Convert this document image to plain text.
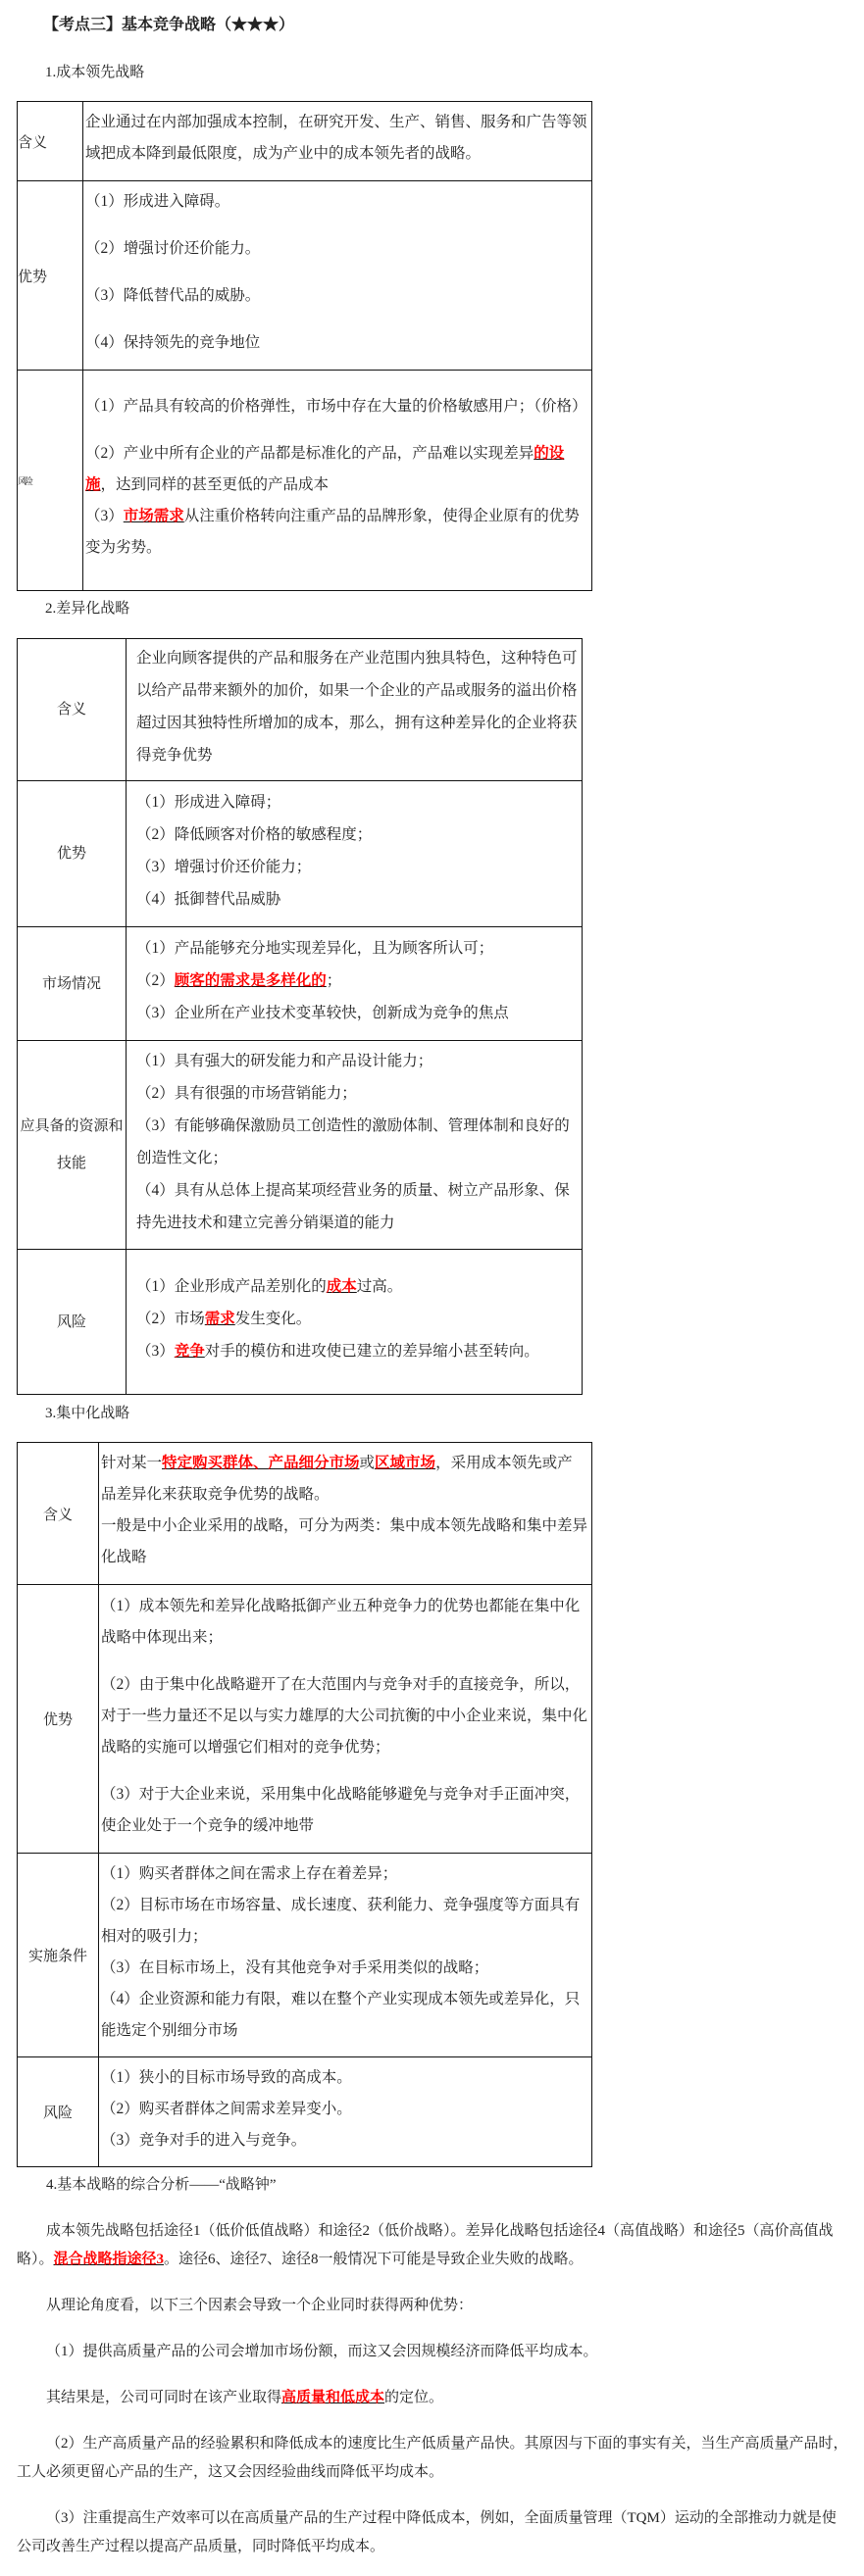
【考点三】基本竞争战略（★★★）
1.成本领先战略
含义	企业通过在内部加强成本控制，在研究开发、生产、销售、服务和广告等领域把成本降到最低限度，成为产业中的成本领先者的战略。

优势	（1）形成进入障碍。

（2）增强讨价还价能力。

（3）降低替代品的威胁。

（4）保持领先的竞争地位

风险	（1）产品具有较高的价格弹性，市场中存在大量的价格敏感用户；（价格）

（2）产业中所有企业的产品都是标准化的产品，产品难以实现差异的设施，达到同样的甚至更低的产品成本

（3）市场需求从注重价格转向注重产品的品牌形象，使得企业原有的优势变为劣势。

2.差异化战略
含义	企业向顾客提供的产品和服务在产业范围内独具特色，这种特色可以给产品带来额外的加价，如果一个企业的产品或服务的溢出价格超过因其独特性所增加的成本，那么，拥有这种差异化的企业将获得竞争优势

优势	（1）形成进入障碍；

（2）降低顾客对价格的敏感程度；

（3）增强讨价还价能力；

（4）抵御替代品威胁

市场情况	（1）产品能够充分地实现差异化，且为顾客所认可；

（2）顾客的需求是多样化的；

（3）企业所在产业技术变革较快，创新成为竞争的焦点

应具备的资源和技能	（1）具有强大的研发能力和产品设计能力；

（2）具有很强的市场营销能力；

（3）有能够确保激励员工创造性的激励体制、管理体制和良好的创造性文化；

（4）具有从总体上提高某项经营业务的质量、树立产品形象、保持先进技术和建立完善分销渠道的能力

风险	（1）企业形成产品差别化的成本过高。

（2）市场需求发生变化。

（3）竞争对手的模仿和进攻使已建立的差异缩小甚至转向。

3.集中化战略
含义	针对某一特定购买群体、产品细分市场或区域市场，采用成本领先或产品差异化来获取竞争优势的战略。

一般是中小企业采用的战略，可分为两类：集中成本领先战略和集中差异化战略

优势	（1）成本领先和差异化战略抵御产业五种竞争力的优势也都能在集中化战略中体现出来；

（2）由于集中化战略避开了在大范围内与竞争对手的直接竞争，所以，对于一些力量还不足以与实力雄厚的大公司抗衡的中小企业来说，集中化战略的实施可以增强它们相对的竞争优势；

（3）对于大企业来说，采用集中化战略能够避免与竞争对手正面冲突，使企业处于一个竞争的缓冲地带

实施条件	（1）购买者群体之间在需求上存在着差异；

（2）目标市场在市场容量、成长速度、获利能力、竞争强度等方面具有相对的吸引力；

（3）在目标市场上，没有其他竞争对手采用类似的战略；

（4）企业资源和能力有限，难以在整个产业实现成本领先或差异化，只能选定个别细分市场

风险	（1）狭小的目标市场导致的高成本。

（2）购买者群体之间需求差异变小。

（3）竞争对手的进入与竞争。

4.基本战略的综合分析——“战略钟”

成本领先战略包括途径1（低价低值战略）和途径2（低价战略）。差异化战略包括途径4（高值战略）和途径5（高价高值战略）。混合战略指途径3。途径6、途径7、途径8一般情况下可能是导致企业失败的战略。

从理论角度看，以下三个因素会导致一个企业同时获得两种优势：

（1）提供高质量产品的公司会增加市场份额，而这又会因规模经济而降低平均成本。

其结果是，公司可同时在该产业取得高质量和低成本的定位。

（2）生产高质量产品的经验累积和降低成本的速度比生产低质量产品快。其原因与下面的事实有关，当生产高质量产品时，工人必须更留心产品的生产，这又会因经验曲线而降低平均成本。

（3）注重提高生产效率可以在高质量产品的生产过程中降低成本，例如，全面质量管理（TQM）运动的全部推动力就是使公司改善生产过程以提高产品质量，同时降低平均成本。
